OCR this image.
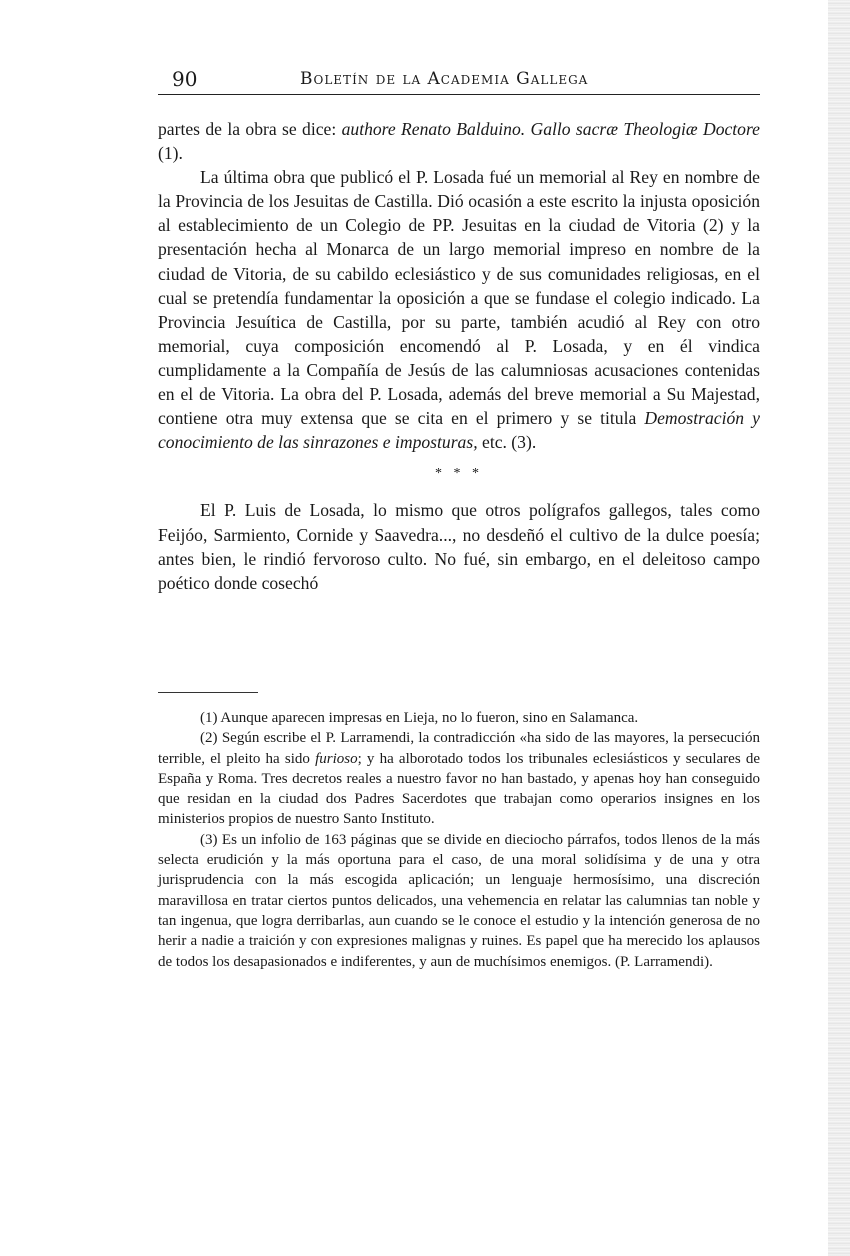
90	Boletín de la Academia Gallega

partes de la obra se dice: authore Renato Balduino. Gallo sacræ Theologiæ Doctore (1).

La última obra que publicó el P. Losada fué un memorial al Rey en nombre de la Provincia de los Jesuitas de Castilla. Dió ocasión a este escrito la injusta oposición al establecimiento de un Colegio de PP. Jesuitas en la ciudad de Vitoria (2) y la presentación hecha al Monarca de un largo memorial impreso en nombre de la ciudad de Vitoria, de su cabildo eclesiástico y de sus comunidades religiosas, en el cual se pretendía fundamentar la oposición a que se fundase el colegio indicado. La Provincia Jesuítica de Castilla, por su parte, también acudió al Rey con otro memorial, cuya composición encomendó al P. Losada, y en él vindica cumplidamente a la Compañía de Jesús de las calumniosas acusaciones contenidas en el de Vitoria. La obra del P. Losada, además del breve memorial a Su Majestad, contiene otra muy extensa que se cita en el primero y se titula Demostración y conocimiento de las sinrazones e imposturas, etc. (3).

* * *

El P. Luis de Losada, lo mismo que otros polígrafos gallegos, tales como Feijóo, Sarmiento, Cornide y Saavedra..., no desdeñó el cultivo de la dulce poesía; antes bien, le rindió fervoroso culto. No fué, sin embargo, en el deleitoso campo poético donde cosechó

(1) Aunque aparecen impresas en Lieja, no lo fueron, sino en Salamanca.

(2) Según escribe el P. Larramendi, la contradicción «ha sido de las mayores, la persecución terrible, el pleito ha sido furioso; y ha alborotado todos los tribunales eclesiásticos y seculares de España y Roma. Tres decretos reales a nuestro favor no han bastado, y apenas hoy han conseguido que residan en la ciudad dos Padres Sacerdotes que trabajan como operarios insignes en los ministerios propios de nuestro Santo Instituto.

(3) Es un infolio de 163 páginas que se divide en dieciocho párrafos, todos llenos de la más selecta erudición y la más oportuna para el caso, de una moral solidísima y de una y otra jurisprudencia con la más escogida aplicación; un lenguaje hermosísimo, una discreción maravillosa en tratar ciertos puntos delicados, una vehemencia en relatar las calumnias tan noble y tan ingenua, que logra derribarlas, aun cuando se le conoce el estudio y la intención generosa de no herir a nadie a traición y con expresiones malignas y ruines. Es papel que ha merecido los aplausos de todos los desapasionados e indiferentes, y aun de muchísimos enemigos. (P. Larramendi).
